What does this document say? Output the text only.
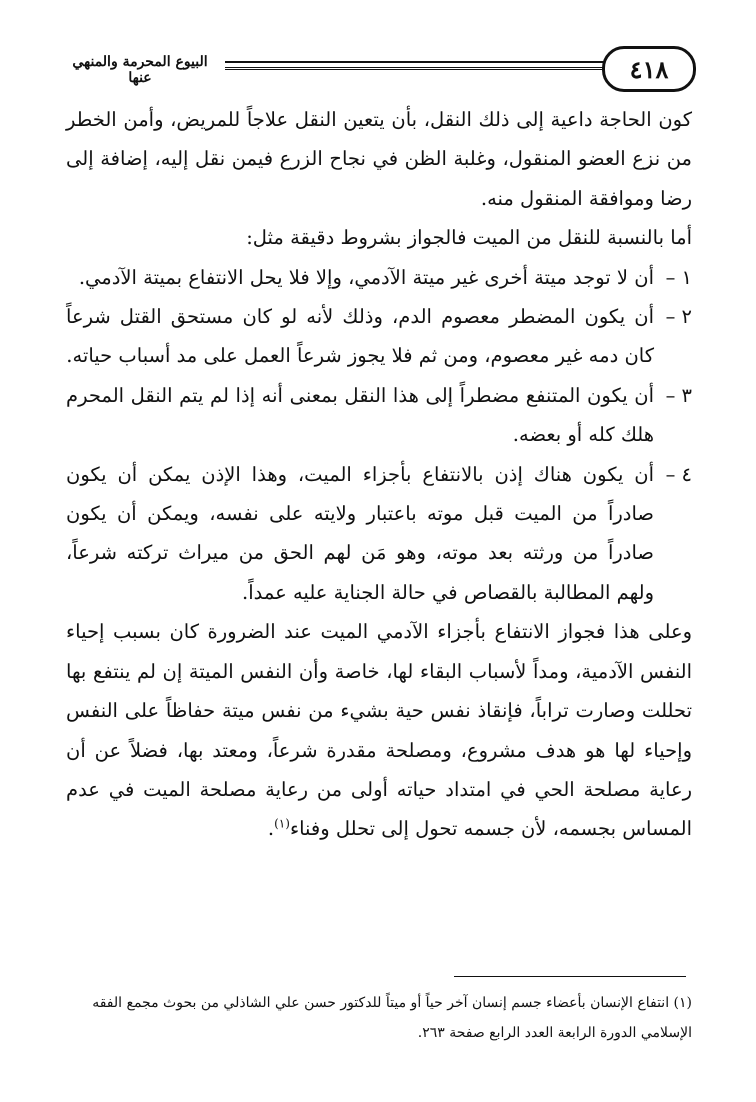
٤١٨
البيوع المحرمة والمنهي عنها

كون الحاجة داعية إلى ذلك النقل، بأن يتعين النقل علاجاً للمريض، وأمن الخطر من نزع العضو المنقول، وغلبة الظن في نجاح الزرع فيمن نقل إليه، إضافة إلى رضا وموافقة المنقول منه.

أما بالنسبة للنقل من الميت فالجواز بشروط دقيقة مثل:

١ –
أن لا توجد ميتة أخرى غير ميتة الآدمي، وإلا فلا يحل الانتفاع بميتة الآدمي.
٢ –
أن يكون المضطر معصوم الدم، وذلك لأنه لو كان مستحق القتل شرعاً كان دمه غير معصوم، ومن ثم فلا يجوز شرعاً العمل على مد أسباب حياته.
٣ –
أن يكون المتنفع مضطراً إلى هذا النقل بمعنى أنه إذا لم يتم النقل المحرم هلك كله أو بعضه.
٤ –
أن يكون هناك إذن بالانتفاع بأجزاء الميت، وهذا الإذن يمكن أن يكون صادراً من الميت قبل موته باعتبار ولايته على نفسه، ويمكن أن يكون صادراً من ورثته بعد موته، وهو مَن لهم الحق من ميراث تركته شرعاً، ولهم المطالبة بالقصاص في حالة الجناية عليه عمداً.

وعلى هذا فجواز الانتفاع بأجزاء الآدمي الميت عند الضرورة كان بسبب إحياء النفس الآدمية، ومداً لأسباب البقاء لها، خاصة وأن النفس الميتة إن لم ينتفع بها تحللت وصارت تراباً، فإنقاذ نفس حية بشيء من نفس ميتة حفاظاً على النفس وإحياء لها هو هدف مشروع، ومصلحة مقدرة شرعاً، ومعتد بها، فضلاً عن أن رعاية مصلحة الحي في امتداد حياته أولى من رعاية مصلحة الميت في عدم المساس بجسمه، لأن جسمه تحول إلى تحلل وفناء$^{(١)}$.

(١) انتفاع الإنسان بأعضاء جسم إنسان آخر حياً أو ميتاً للدكتور حسن علي الشاذلي من بحوث مجمع الفقه

الإسلامي الدورة الرابعة العدد الرابع صفحة ٢٦٣.
